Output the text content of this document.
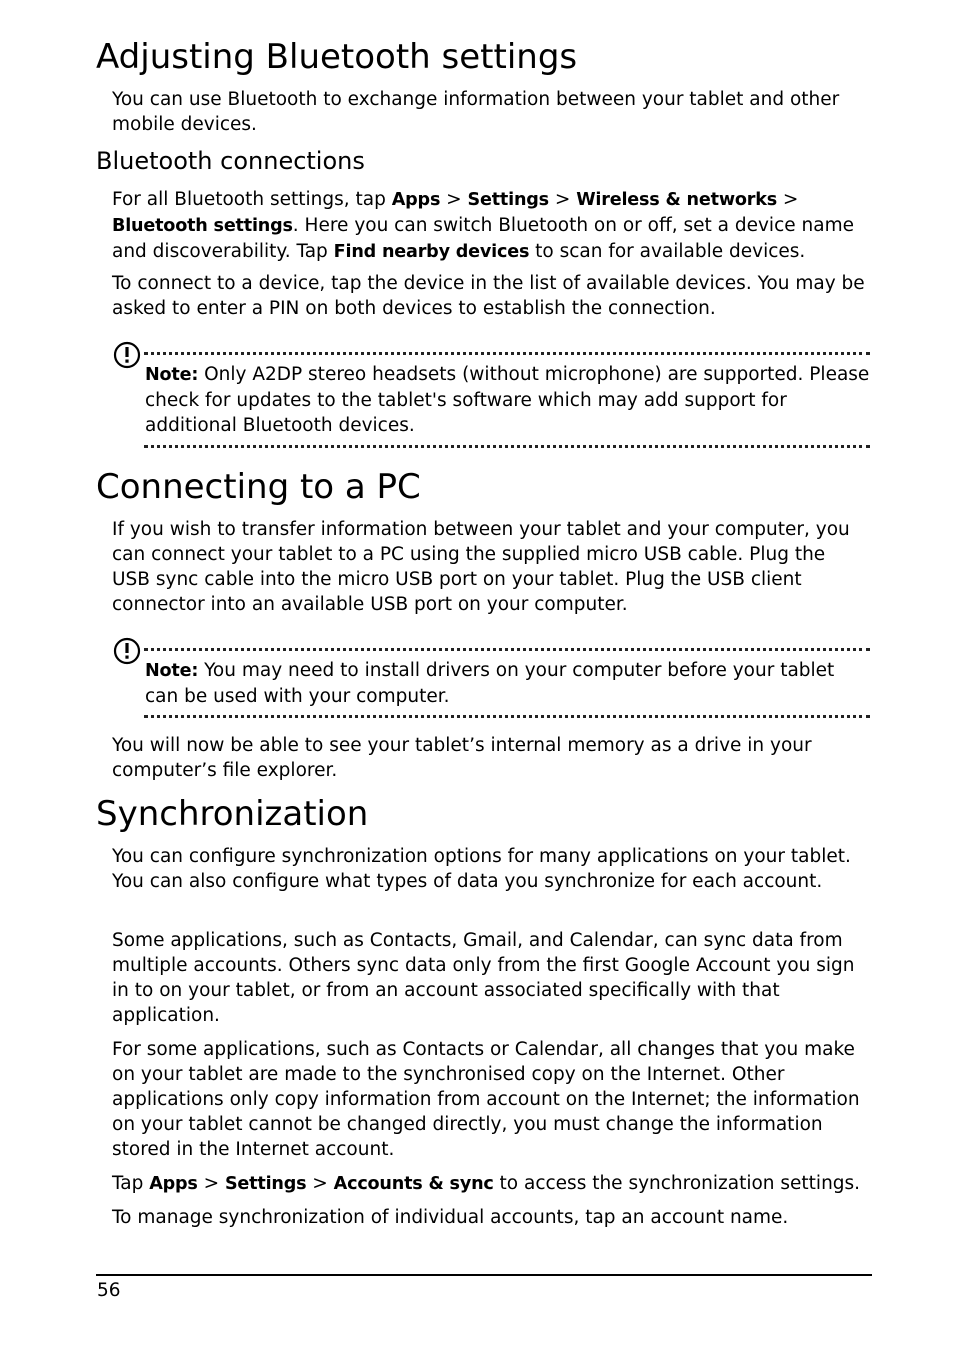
Adjusting Bluetooth settings

You can use Bluetooth to exchange information between your tablet and other mobile devices.

Bluetooth connections

For all Bluetooth settings, tap Apps > Settings > Wireless & networks > Bluetooth settings. Here you can switch Bluetooth on or off, set a device name and discoverability. Tap Find nearby devices to scan for available devices.

To connect to a device, tap the device in the list of available devices. You may be asked to enter a PIN on both devices to establish the connection.

Note: Only A2DP stereo headsets (without microphone) are supported. Please check for updates to the tablet's software which may add support for additional Bluetooth devices.

Connecting to a PC

If you wish to transfer information between your tablet and your computer, you can connect your tablet to a PC using the supplied micro USB cable. Plug the USB sync cable into the micro USB port on your tablet. Plug the USB client connector into an available USB port on your computer.

Note: You may need to install drivers on your computer before your tablet can be used with your computer.

You will now be able to see your tablet’s internal memory as a drive in your computer’s file explorer.

Synchronization

You can configure synchronization options for many applications on your tablet. You can also configure what types of data you synchronize for each account.

Some applications, such as Contacts, Gmail, and Calendar, can sync data from multiple accounts. Others sync data only from the first Google Account you sign in to on your tablet, or from an account associated specifically with that application.

For some applications, such as Contacts or Calendar, all changes that you make on your tablet are made to the synchronised copy on the Internet. Other applications only copy information from account on the Internet; the information on your tablet cannot be changed directly, you must change the information stored in the Internet account.

Tap Apps > Settings > Accounts & sync to access the synchronization settings.

To manage synchronization of individual accounts, tap an account name.

56
